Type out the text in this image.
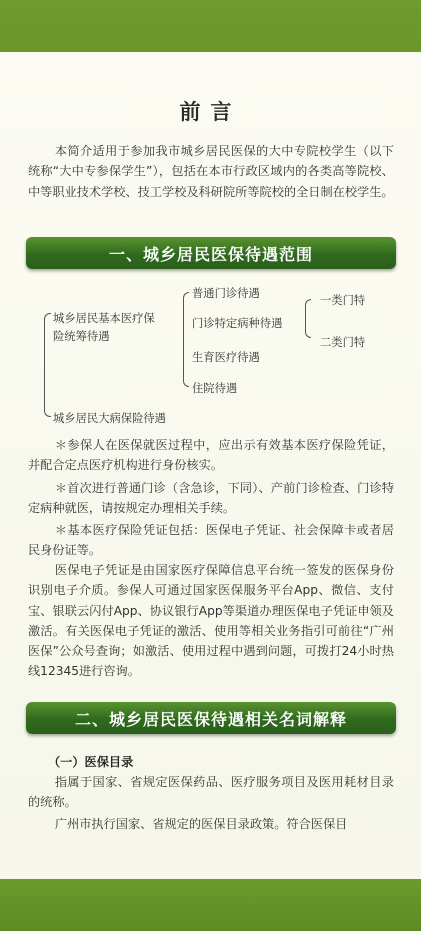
前言
本简介适用于参加我市城乡居民医保的大中专院校学生（以下统称“大中专参保学生”），包括在本市行政区域内的各类高等院校、中等职业技术学校、技工学校及科研院所等院校的全日制在校学生。
一、城乡居民医保待遇范围
城乡居民基本医疗保险统筹待遇
城乡居民大病保险待遇
普通门诊待遇
门诊特定病种待遇
生育医疗待遇
住院待遇
一类门特
二类门特
＊参保人在医保就医过程中，应出示有效基本医疗保险凭证，并配合定点医疗机构进行身份核实。
＊首次进行普通门诊（含急诊，下同）、产前门诊检查、门诊特定病种就医，请按规定办理相关手续。
＊基本医疗保险凭证包括：医保电子凭证、社会保障卡或者居民身份证等。
医保电子凭证是由国家医疗保障信息平台统一签发的医保身份识别电子介质。参保人可通过国家医保服务平台App、微信、支付宝、银联云闪付App、协议银行App等渠道办理医保电子凭证申领及激活。有关医保电子凭证的激活、使用等相关业务指引可前往“广州医保”公众号查询；如激活、使用过程中遇到问题，可拨打24小时热线12345进行咨询。
二、城乡居民医保待遇相关名词解释
（一）医保目录
指属于国家、省规定医保药品、医疗服务项目及医用耗材目录的统称。
广州市执行国家、省规定的医保目录政策。符合医保目
